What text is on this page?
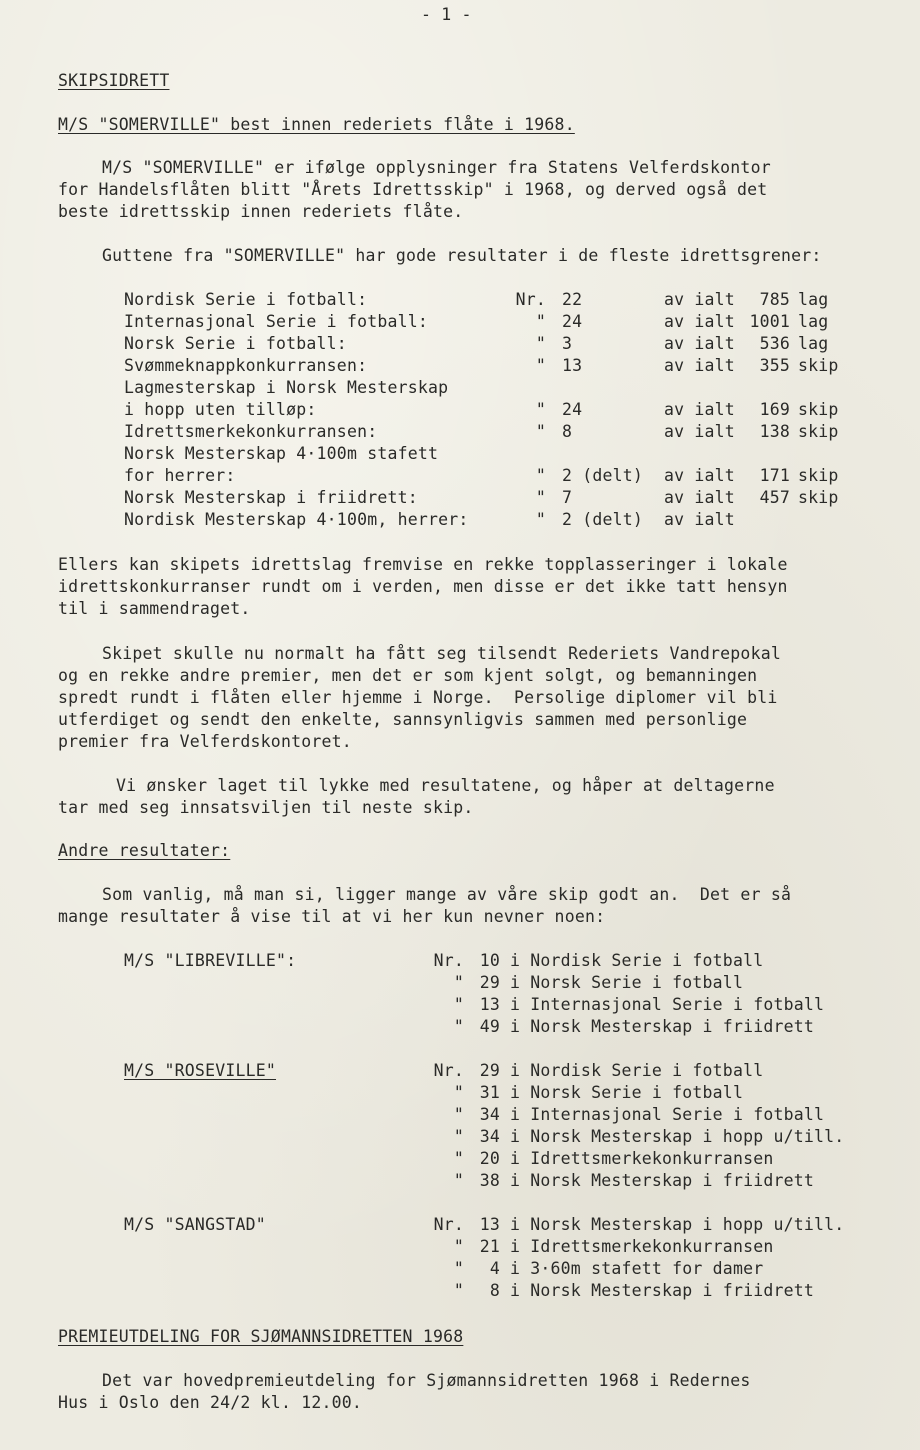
- 1 -
SKIPSIDRETT
M/S "SOMERVILLE" best innen rederiets flåte i 1968.
M/S "SOMERVILLE" er ifølge opplysninger fra Statens Velferdskontor
for Handelsflåten blitt "Årets Idrettsskip" i 1968, og derved også det
beste idrettsskip innen rederiets flåte.
Guttene fra "SOMERVILLE" har gode resultater i de fleste idrettsgrener:
Nordisk Serie i fotball:	Nr. 22	av ialt	785 lag
Internasjonal Serie i fotball:	" 24	av ialt 1001 lag
Norsk Serie i fotball:	" 3	av ialt	536 lag
Svømmeknappkonkurransen:	" 13	av ialt	355 skip
Lagmesterskap i Norsk Mesterskap
i hopp uten tilløp:	" 24	av ialt	169 skip
Idrettsmerkekonkurransen:	" 8	av ialt	138 skip
Norsk Mesterskap 4·100m stafett
for herrer:	" 2 (delt) av ialt	171 skip
Norsk Mesterskap i friidrett:	" 7	av ialt	457 skip
Nordisk Mesterskap 4·100m, herrer:	" 2 (delt) av ialt
Ellers kan skipets idrettslag fremvise en rekke topplasseringer i lokale
idrettskonkurranser rundt om i verden, men disse er det ikke tatt hensyn
til i sammendraget.
Skipet skulle nu normalt ha fått seg tilsendt Rederiets Vandrepokal
og en rekke andre premier, men det er som kjent solgt, og bemanningen
spredt rundt i flåten eller hjemme i Norge.  Persolige diplomer vil bli
utferdiget og sendt den enkelte, sannsynligvis sammen med personlige
premier fra Velferdskontoret.
Vi ønsker laget til lykke med resultatene, og håper at deltagerne
tar med seg innsatsviljen til neste skip.
Andre resultater:
Som vanlig, må man si, ligger mange av våre skip godt an.  Det er så
mange resultater å vise til at vi her kun nevner noen:
M/S "LIBREVILLE":	Nr. 10 i Nordisk Serie i fotball
" 29 i Norsk Serie i fotball
" 13 i Internasjonal Serie i fotball
" 49 i Norsk Mesterskap i friidrett
M/S "ROSEVILLE"	Nr. 29 i Nordisk Serie i fotball
" 31 i Norsk Serie i fotball
" 34 i Internasjonal Serie i fotball
" 34 i Norsk Mesterskap i hopp u/till.
" 20 i Idrettsmerkekonkurransen
" 38 i Norsk Mesterskap i friidrett
M/S "SANGSTAD"	Nr. 13 i Norsk Mesterskap i hopp u/till.
" 21 i Idrettsmerkekonkurransen
"	4 i 3·60m stafett for damer
"	8 i Norsk Mesterskap i friidrett
PREMIEUTDELING FOR SJØMANNSIDRETTEN 1968
Det var hovedpremieutdeling for Sjømannsidretten 1968 i Redernes
Hus i Oslo den 24/2 kl. 12.00.
